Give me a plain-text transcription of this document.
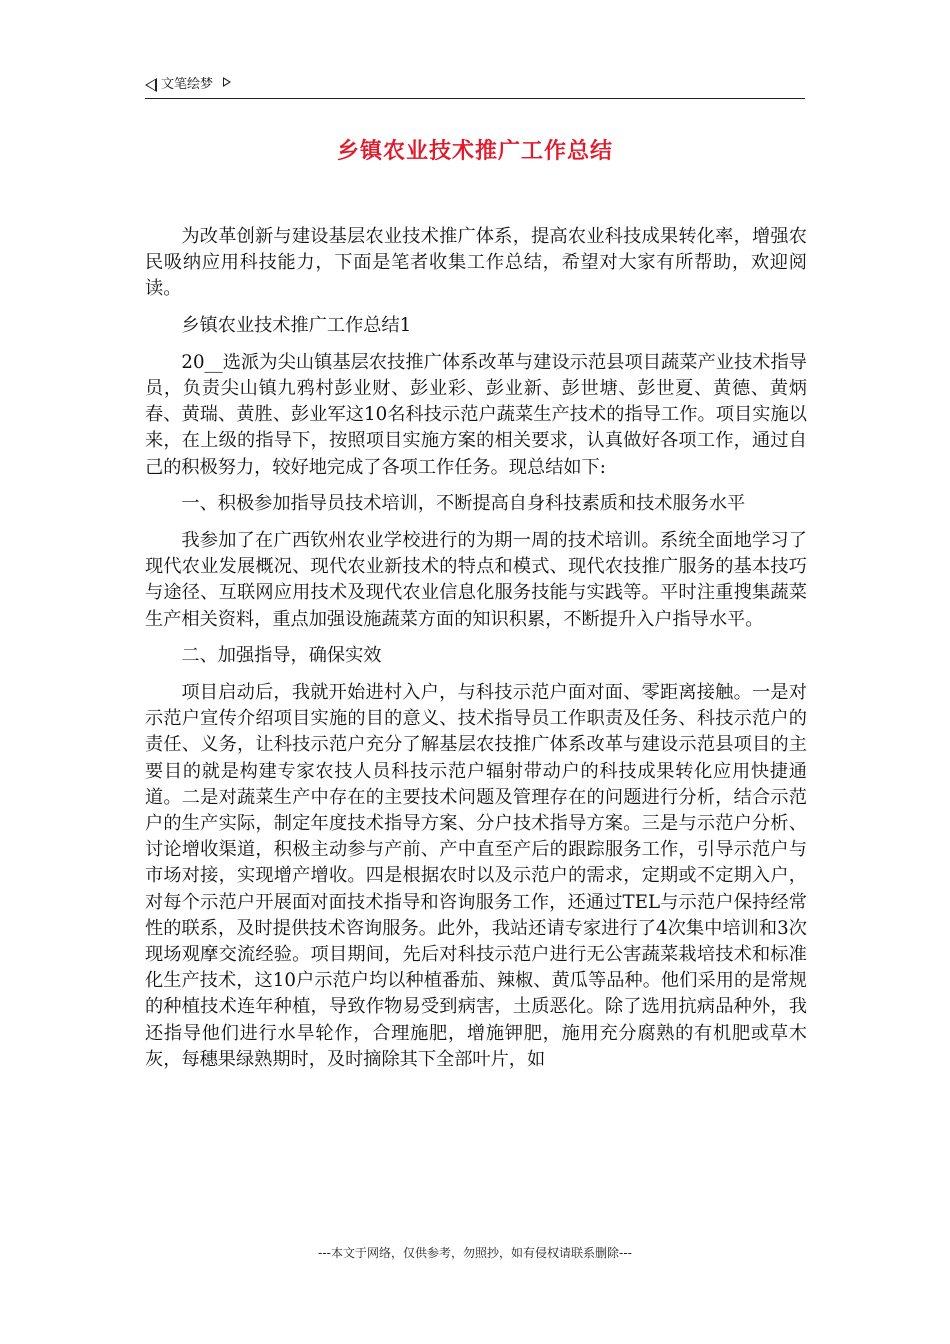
文笔绘梦
乡镇农业技术推广工作总结

为改革创新与建设基层农业技术推广体系，提高农业科技成果转化率，增强农民吸纳应用科技能力，下面是笔者收集工作总结，希望对大家有所帮助，欢迎阅读。

乡镇农业技术推广工作总结1

20__选派为尖山镇基层农技推广体系改革与建设示范县项目蔬菜产业技术指导员，负责尖山镇九鸦村彭业财、彭业彩、彭业新、彭世塘、彭世夏、黄德、黄炳春、黄瑞、黄胜、彭业军这10名科技示范户蔬菜生产技术的指导工作。项目实施以来，在上级的指导下，按照项目实施方案的相关要求，认真做好各项工作，通过自己的积极努力，较好地完成了各项工作任务。现总结如下:

一、积极参加指导员技术培训，不断提高自身科技素质和技术服务水平

我参加了在广西钦州农业学校进行的为期一周的技术培训。系统全面地学习了现代农业发展概况、现代农业新技术的特点和模式、现代农技推广服务的基本技巧与途径、互联网应用技术及现代农业信息化服务技能与实践等。平时注重搜集蔬菜生产相关资料，重点加强设施蔬菜方面的知识积累，不断提升入户指导水平。

二、加强指导，确保实效

项目启动后，我就开始进村入户，与科技示范户面对面、零距离接触。一是对示范户宣传介绍项目实施的目的意义、技术指导员工作职责及任务、科技示范户的责任、义务，让科技示范户充分了解基层农技推广体系改革与建设示范县项目的主要目的就是构建专家农技人员科技示范户辐射带动户的科技成果转化应用快捷通道。二是对蔬菜生产中存在的主要技术问题及管理存在的问题进行分析，结合示范户的生产实际，制定年度技术指导方案、分户技术指导方案。三是与示范户分析、讨论增收渠道，积极主动参与产前、产中直至产后的跟踪服务工作，引导示范户与市场对接，实现增产增收。四是根据农时以及示范户的需求，定期或不定期入户，对每个示范户开展面对面技术指导和咨询服务工作，还通过TEL与示范户保持经常性的联系，及时提供技术咨询服务。此外，我站还请专家进行了4次集中培训和3次现场观摩交流经验。项目期间，先后对科技示范户进行无公害蔬菜栽培技术和标准化生产技术，这10户示范户均以种植番茄、辣椒、黄瓜等品种。他们采用的是常规的种植技术连年种植，导致作物易受到病害，土质恶化。除了选用抗病品种外，我还指导他们进行水旱轮作，合理施肥，增施钾肥，施用充分腐熟的有机肥或草木灰，每穗果绿熟期时，及时摘除其下全部叶片，如

---本文于网络，仅供参考，勿照抄，如有侵权请联系删除---
